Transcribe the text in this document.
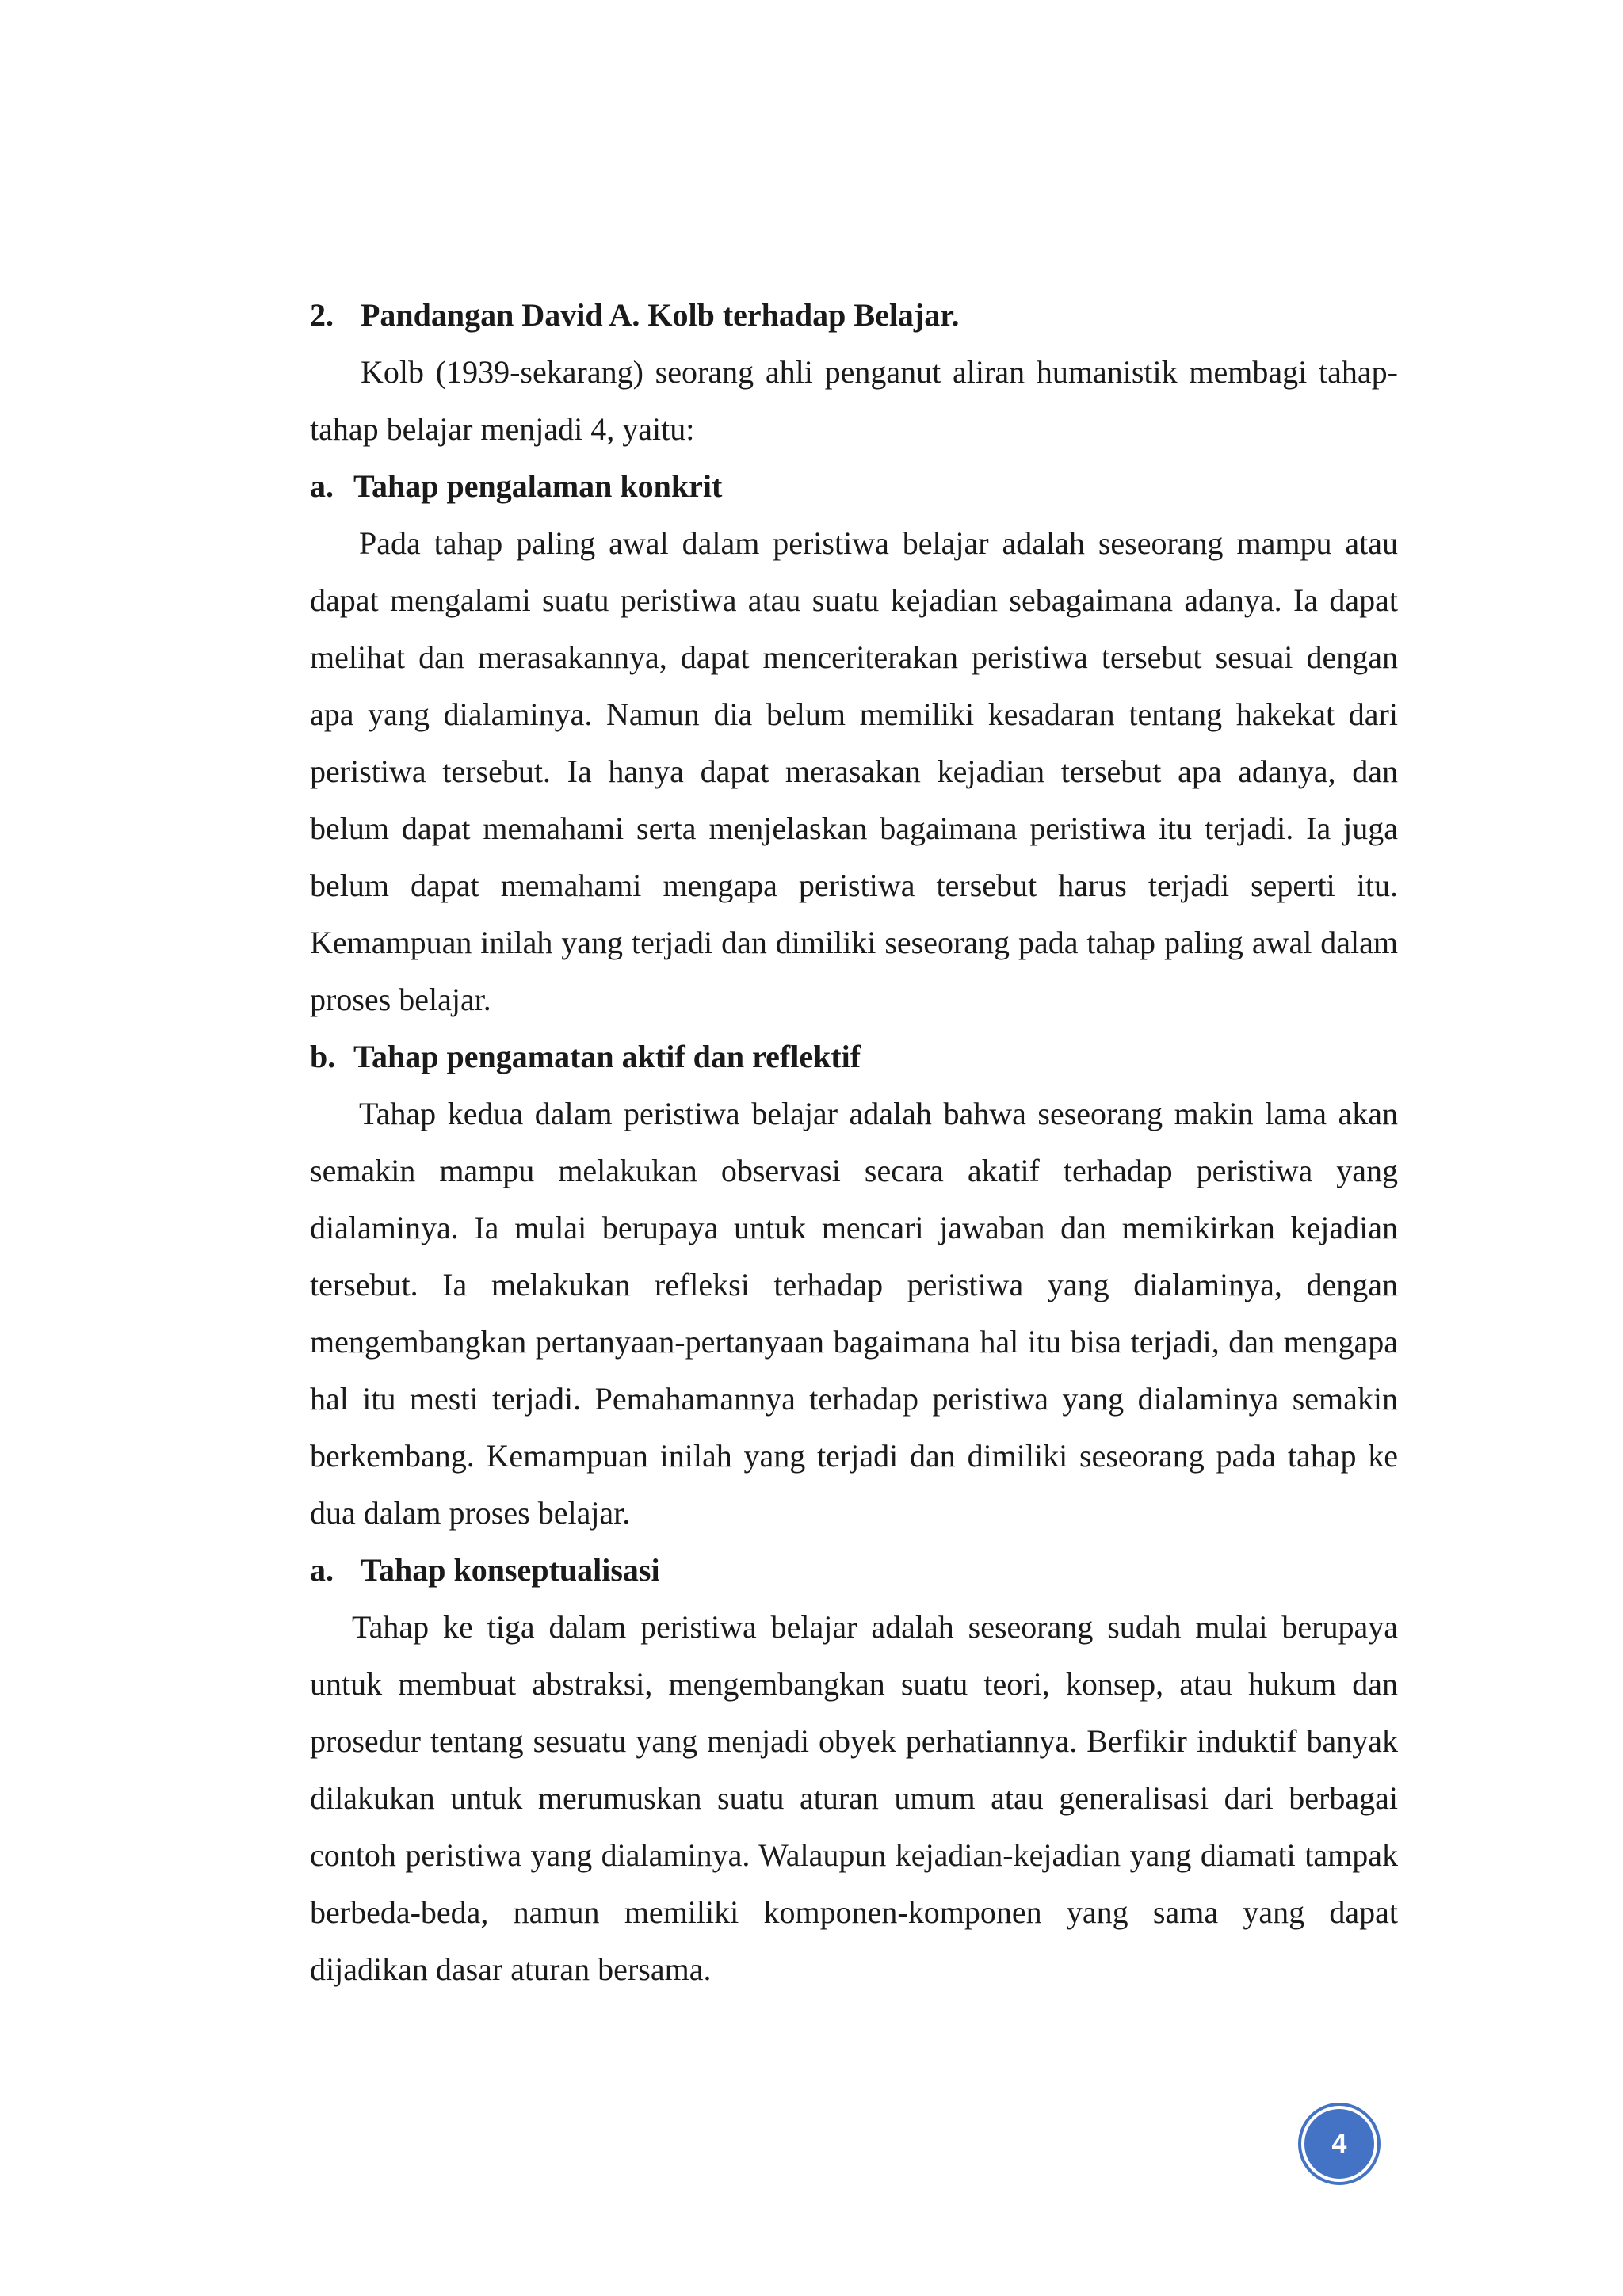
2. Pandangan David A. Kolb terhadap Belajar.

Kolb (1939-sekarang) seorang ahli penganut aliran humanistik membagi tahap-tahap belajar menjadi 4, yaitu:

a. Tahap pengalaman konkrit

Pada tahap paling awal dalam peristiwa belajar adalah seseorang mampu atau dapat mengalami suatu peristiwa atau suatu kejadian sebagaimana adanya. Ia dapat melihat dan merasakannya, dapat menceriterakan peristiwa tersebut sesuai dengan apa yang dialaminya. Namun dia belum memiliki kesadaran tentang hakekat dari peristiwa tersebut. Ia hanya dapat merasakan kejadian tersebut apa adanya, dan belum dapat memahami serta menjelaskan bagaimana peristiwa itu terjadi. Ia juga belum dapat memahami mengapa peristiwa tersebut harus terjadi seperti itu. Kemampuan inilah yang terjadi dan dimiliki seseorang pada tahap paling awal dalam proses belajar.

b. Tahap pengamatan aktif dan reflektif

Tahap kedua dalam peristiwa belajar adalah bahwa seseorang makin lama akan semakin mampu melakukan observasi secara akatif terhadap peristiwa yang dialaminya. Ia mulai berupaya untuk mencari jawaban dan memikirkan kejadian tersebut. Ia melakukan refleksi terhadap peristiwa yang dialaminya, dengan mengembangkan pertanyaan-pertanyaan bagaimana hal itu bisa terjadi, dan mengapa hal itu mesti terjadi. Pemahamannya terhadap peristiwa yang dialaminya semakin berkembang. Kemampuan inilah yang terjadi dan dimiliki seseorang pada tahap ke dua dalam proses belajar.

a. Tahap konseptualisasi

Tahap ke tiga dalam peristiwa belajar adalah seseorang sudah mulai berupaya untuk membuat abstraksi, mengembangkan suatu teori, konsep, atau hukum dan prosedur tentang sesuatu yang menjadi obyek perhatiannya. Berfikir induktif banyak dilakukan untuk merumuskan suatu aturan umum atau generalisasi dari berbagai contoh peristiwa yang dialaminya. Walaupun kejadian-kejadian yang diamati tampak berbeda-beda, namun memiliki komponen-komponen yang sama yang dapat dijadikan dasar aturan bersama.

4
